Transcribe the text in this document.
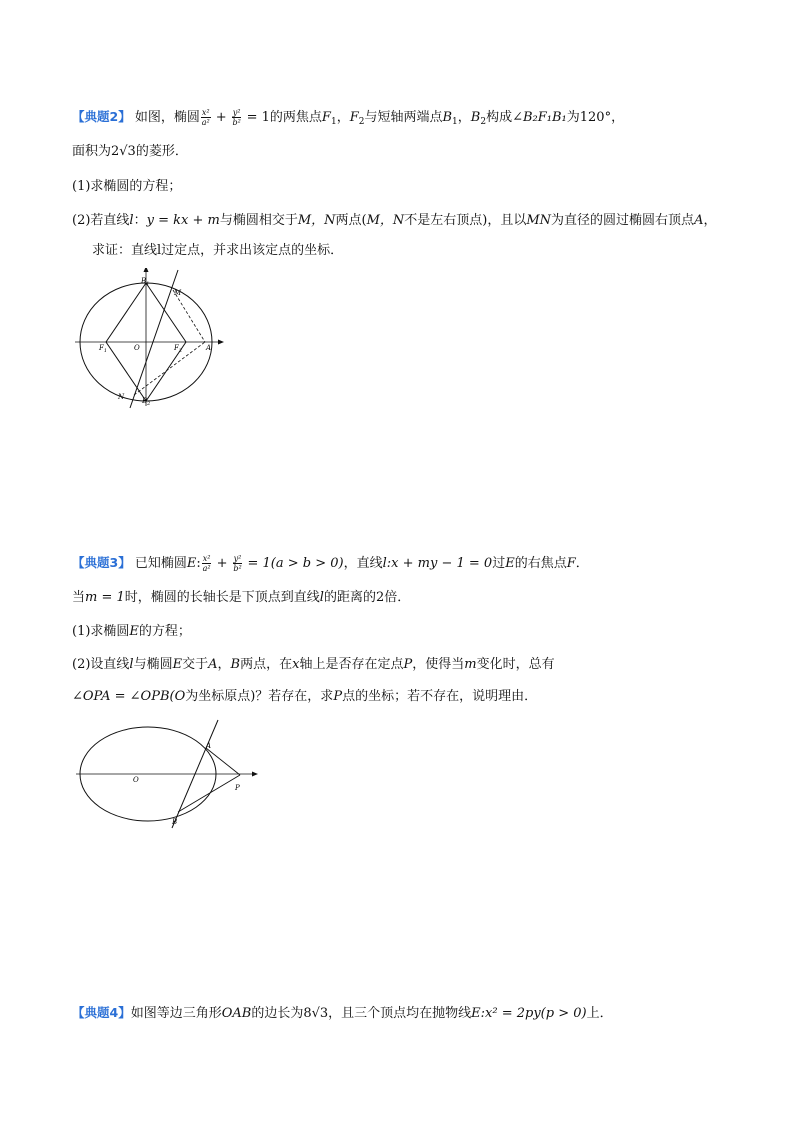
【典题2】 如图，椭圆 $\frac{\text{x²}}{\text{a²}} + \frac{\text{y²}}{\text{b²}} = 1$的两焦点$F_1$，$F_2$与短轴两端点$B_1$，$B_2$构成∠B₂F₁B₁为120°，
面积为2√3的菱形．
(1)求椭圆的方程；
(2)若直线l：y = kx + m与椭圆相交于M，N两点(M，N不是左右顶点)，且以MN为直径的圆过椭圆右顶点A，
求证：直线l过定点，并求出该定点的坐标．
$B_1$
$B_2$
M
N
$F_1$	$F_2$
O	A
【典题3】 已知椭圆E: $\frac{\text{x²}}{\text{a²}} + \frac{\text{y²}}{\text{b²}} = 1(a > b > 0)$，直线l:x + my − 1 = 0过E的右焦点F．
当m = 1时，椭圆的长轴长是下顶点到直线l的距离的2倍．
(1)求椭圆E的方程；
(2)设直线l与椭圆E交于A，B两点，在x轴上是否存在定点P，使得当m变化时，总有
∠OPA = ∠OPB(O为坐标原点)？若存在，求P点的坐标；若不存在，说明理由．
A
B
O
P
【典题4】如图等边三角形OAB的边长为8√3，且三个顶点均在抛物线E:x² = 2py(p > 0)上．
